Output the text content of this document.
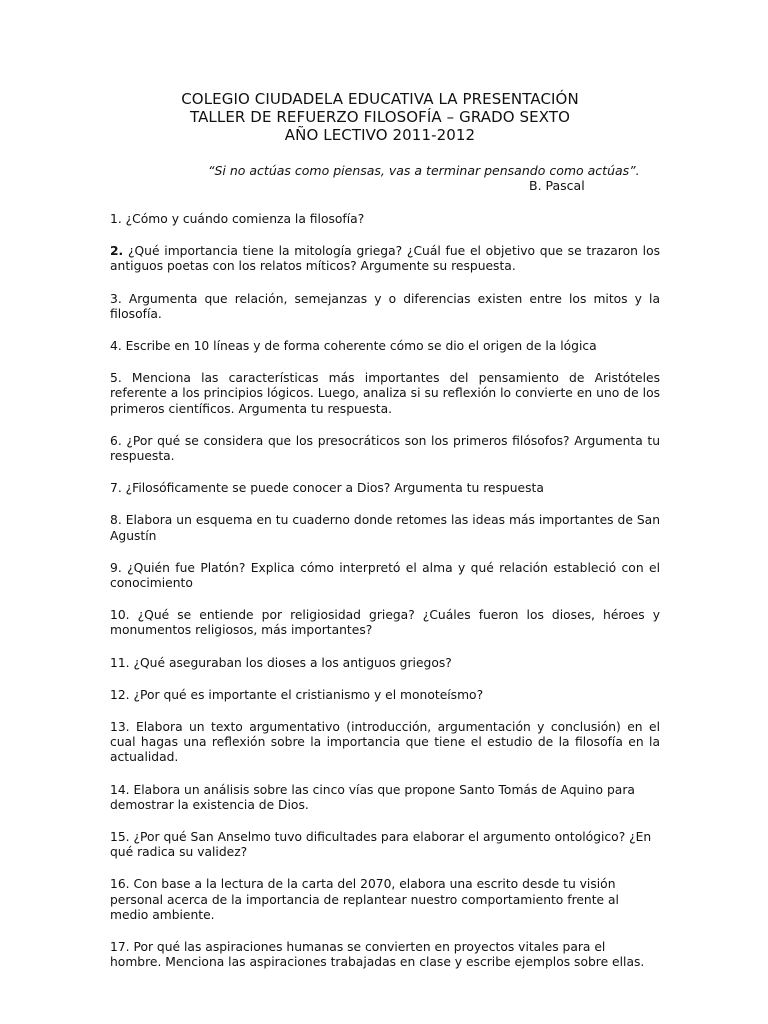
COLEGIO CIUDADELA EDUCATIVA LA PRESENTACIÓN
TALLER DE REFUERZO FILOSOFÍA – GRADO SEXTO
AÑO LECTIVO 2011-2012
“Si no actúas como piensas, vas a terminar pensando como actúas”.
B. Pascal

1. ¿Cómo y cuándo comienza la filosofía?

2. ¿Qué importancia tiene la mitología griega? ¿Cuál fue el objetivo que se trazaron los antiguos poetas con los relatos míticos? Argumente su respuesta.

3. Argumenta que relación, semejanzas y o diferencias existen entre los mitos y la filosofía.

4. Escribe en 10 líneas y de forma coherente cómo se dio el origen de la lógica

5. Menciona las características más importantes del pensamiento de Aristóteles referente a los principios lógicos. Luego, analiza si su reflexión lo convierte en uno de los primeros científicos. Argumenta tu respuesta.

6. ¿Por qué se considera que los presocráticos son los primeros filósofos? Argumenta tu respuesta.

7. ¿Filosóficamente se puede conocer a Dios? Argumenta tu respuesta

8. Elabora un esquema en tu cuaderno donde retomes las ideas más importantes de San Agustín

9. ¿Quién fue Platón? Explica cómo interpretó el alma y qué relación estableció con el conocimiento

10. ¿Qué se entiende por religiosidad griega? ¿Cuáles fueron los dioses, héroes y monumentos religiosos, más importantes?

11. ¿Qué aseguraban los dioses a los antiguos griegos?

12. ¿Por qué es importante el cristianismo y el monoteísmo?

13. Elabora un texto argumentativo (introducción, argumentación y conclusión) en el cual hagas una reflexión sobre la importancia que tiene el estudio de la filosofía en la actualidad.

14. Elabora un análisis sobre las cinco vías que propone Santo Tomás de Aquino para demostrar la existencia de Dios.

15. ¿Por qué San Anselmo tuvo dificultades para elaborar el argumento ontológico? ¿En qué radica su validez?

16. Con base a la lectura de la carta del 2070, elabora una escrito desde tu visión personal acerca de la importancia de replantear nuestro comportamiento frente al medio ambiente.

17. Por qué las aspiraciones humanas se convierten en proyectos vitales para el hombre. Menciona las aspiraciones trabajadas en clase y escribe ejemplos sobre ellas.
